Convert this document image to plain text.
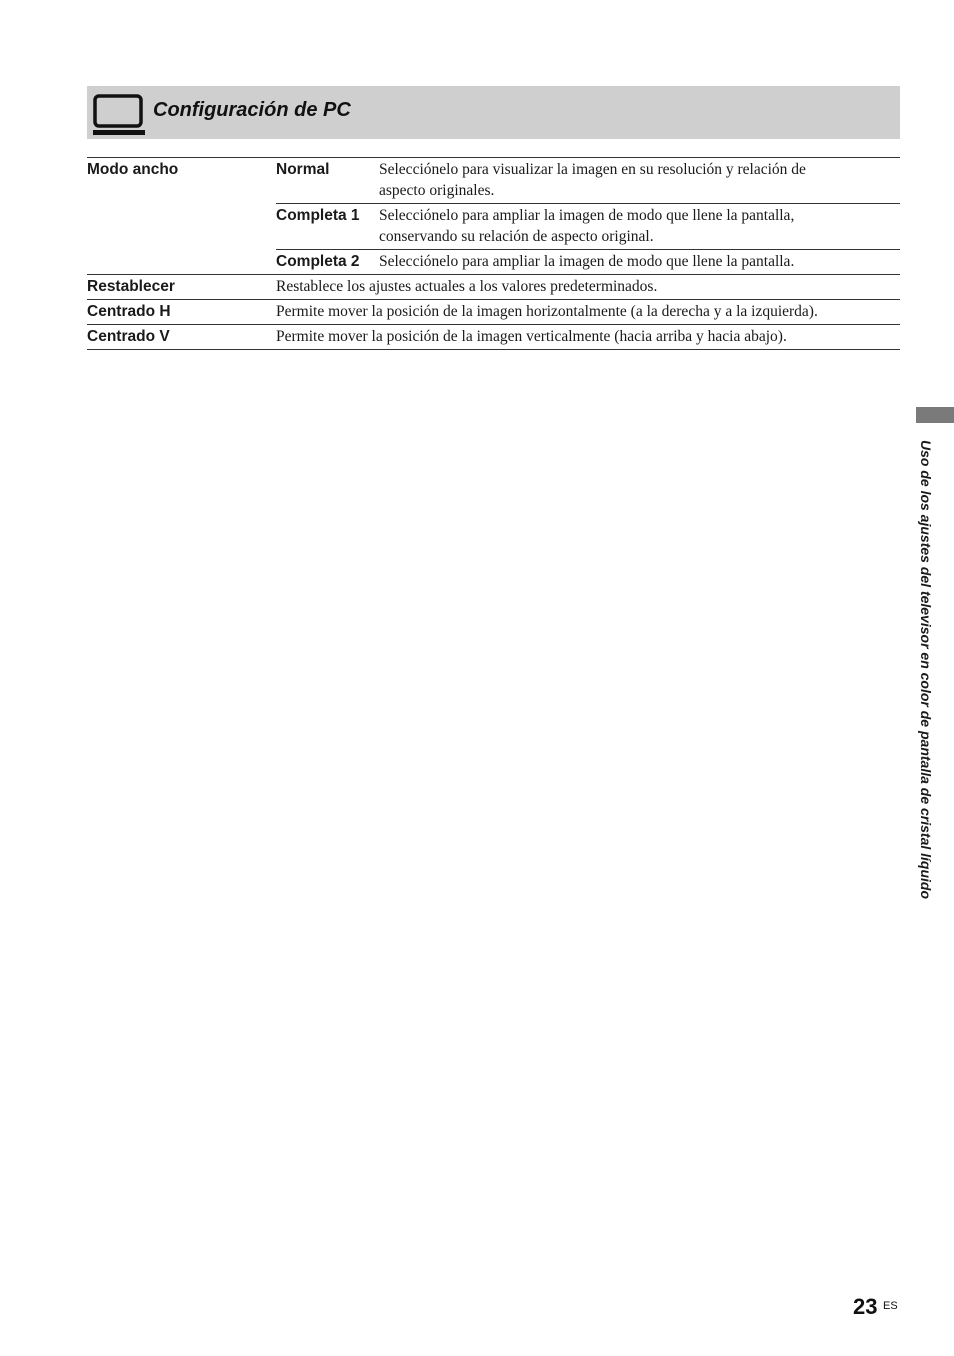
Configuración de PC
Modo ancho	Normal	Selecciónelo para visualizar la imagen en su resolución y relación de
aspecto originales.
Completa 1	Selecciónelo para ampliar la imagen de modo que llene la pantalla,
conservando su relación de aspecto original.
Completa 2	Selecciónelo para ampliar la imagen de modo que llene la pantalla.
Restablecer	Restablece los ajustes actuales a los valores predeterminados.
Centrado H	Permite mover la posición de la imagen horizontalmente (a la derecha y a la izquierda).
Centrado V	Permite mover la posición de la imagen verticalmente (hacia arriba y hacia abajo).
Uso de los ajustes del televisor en color de pantalla de cristal líquido
23 ES
